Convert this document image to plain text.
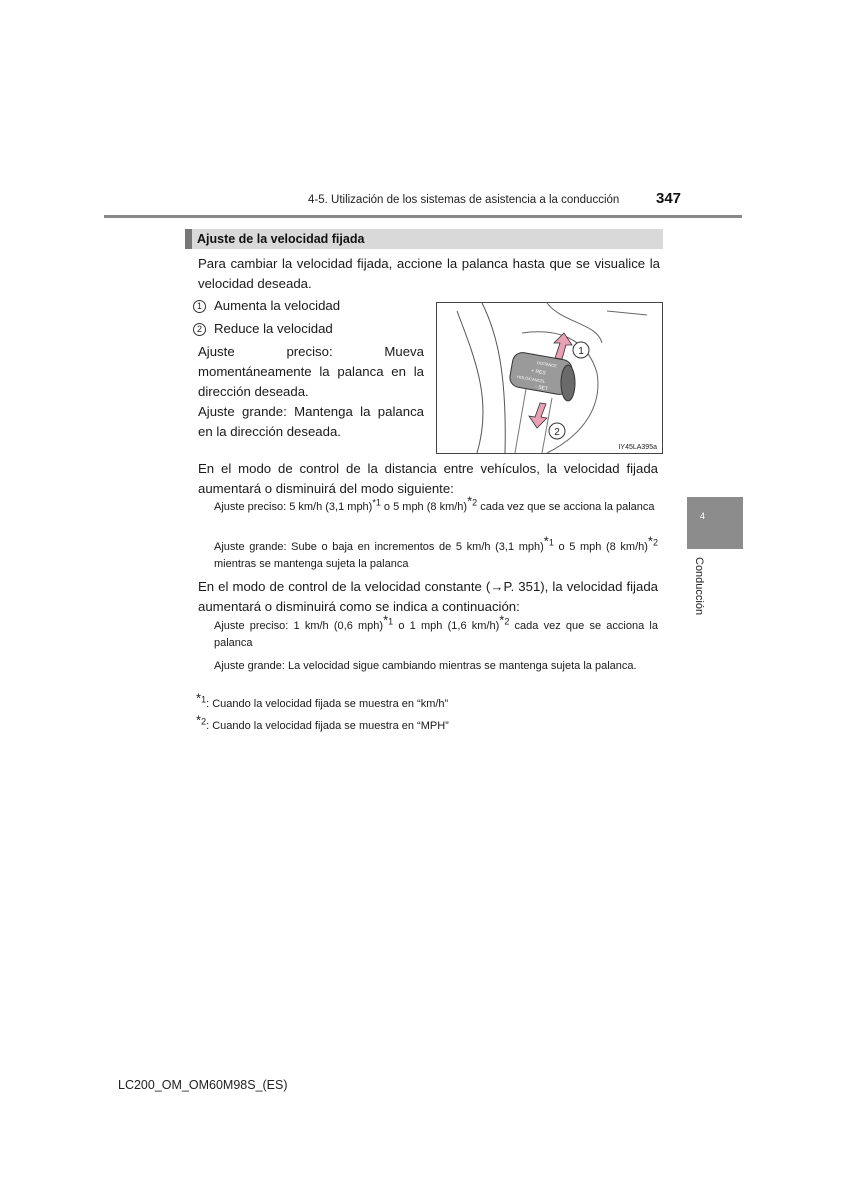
4-5. Utilización de los sistemas de asistencia a la conducción 347
Ajuste de la velocidad fijada
Para cambiar la velocidad fijada, accione la palanca hasta que se visualice la velocidad deseada.
1 Aumenta la velocidad
2 Reduce la velocidad
Ajuste preciso: Mueva momentáneamente la palanca en la dirección deseada.
Ajuste grande: Mantenga la palanca en la dirección deseada.
DISTANCE
+ RES
HOLD/CANCEL
- SET
1
2
IY45LA395a
En el modo de control de la distancia entre vehículos, la velocidad fijada aumentará o disminuirá del modo siguiente:
Ajuste preciso: 5 km/h (3,1 mph)$^{*1}$ o 5 mph (8 km/h)$^{*2}$ cada vez que se acciona la palanca
Ajuste grande: Sube o baja en incrementos de 5 km/h (3,1 mph)$^{*1}$ o 5 mph (8 km/h)$^{*2}$ mientras se mantenga sujeta la palanca
En el modo de control de la velocidad constante (→P. 351), la velocidad fijada aumentará o disminuirá como se indica a continuación:
Ajuste preciso: 1 km/h (0,6 mph)$^{*1}$ o 1 mph (1,6 km/h)$^{*2}$ cada vez que se acciona la palanca
Ajuste grande: La velocidad sigue cambiando mientras se mantenga sujeta la palanca.
$^{*1}$: Cuando la velocidad fijada se muestra en “km/h”
$^{*2}$: Cuando la velocidad fijada se muestra en “MPH”
4
Conducción
LC200_OM_OM60M98S_(ES)
